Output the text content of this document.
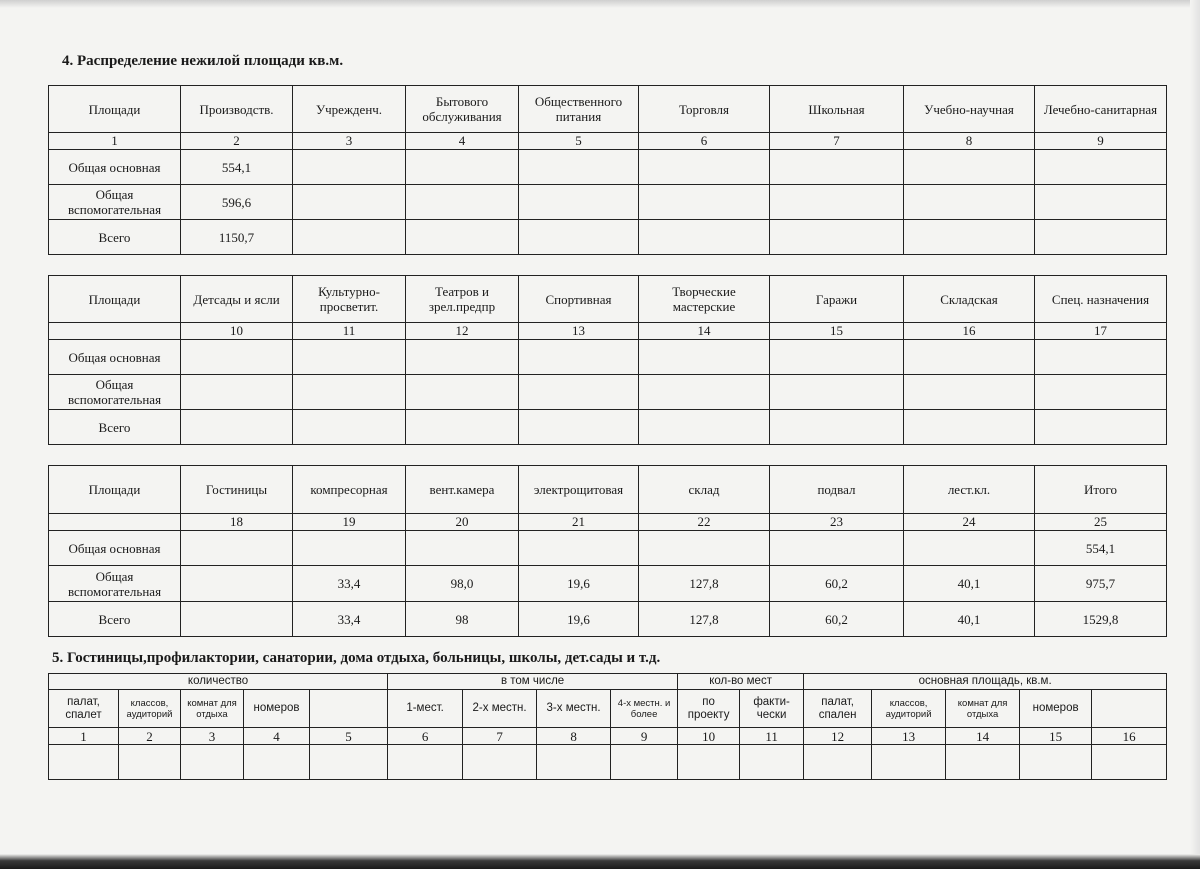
4. Распределение нежилой площади кв.м.
Площади	Производств.	Учрежденч.	Бытового обслуживания	Общественного питания	Торговля	Школьная	Учебно-научная	Лечебно-санитарная
1	2	3	4	5	6	7	8	9
Общая основная	554,1							
Общая вспомогательная	596,6							
Всего	1150,7							
Площади	Детсады и ясли	Культурно-просветит.	Театров и зрел.предпр	Спортивная	Творческие мастерские	Гаражи	Складская	Спец. назначения
	10	11	12	13	14	15	16	17
Общая основная								
Общая вспомогательная								
Всего								
Площади	Гостиницы	компресорная	вент.камера	электрощитовая	склад	подвал	лест.кл.	Итого
	18	19	20	21	22	23	24	25
Общая основная								554,1
Общая вспомогательная		33,4	98,0	19,6	127,8	60,2	40,1	975,7
Всего		33,4	98	19,6	127,8	60,2	40,1	1529,8
5. Гостиницы,профилактории, санатории, дома отдыха, больницы, школы, дет.сады и т.д.
количество					в том числе				кол-во мест		основная площадь, кв.м.				
палат, спалет	классов, аудиторий	комнат для отдыха	номеров		1-мест.	2-х местн.	3-х местн.	4-х местн. и более	по проекту	факти-чески	палат, спален	классов, аудиторий	комнат для отдыха	номеров	
1	2	3	4	5	6	7	8	9	10	11	12	13	14	15	16
